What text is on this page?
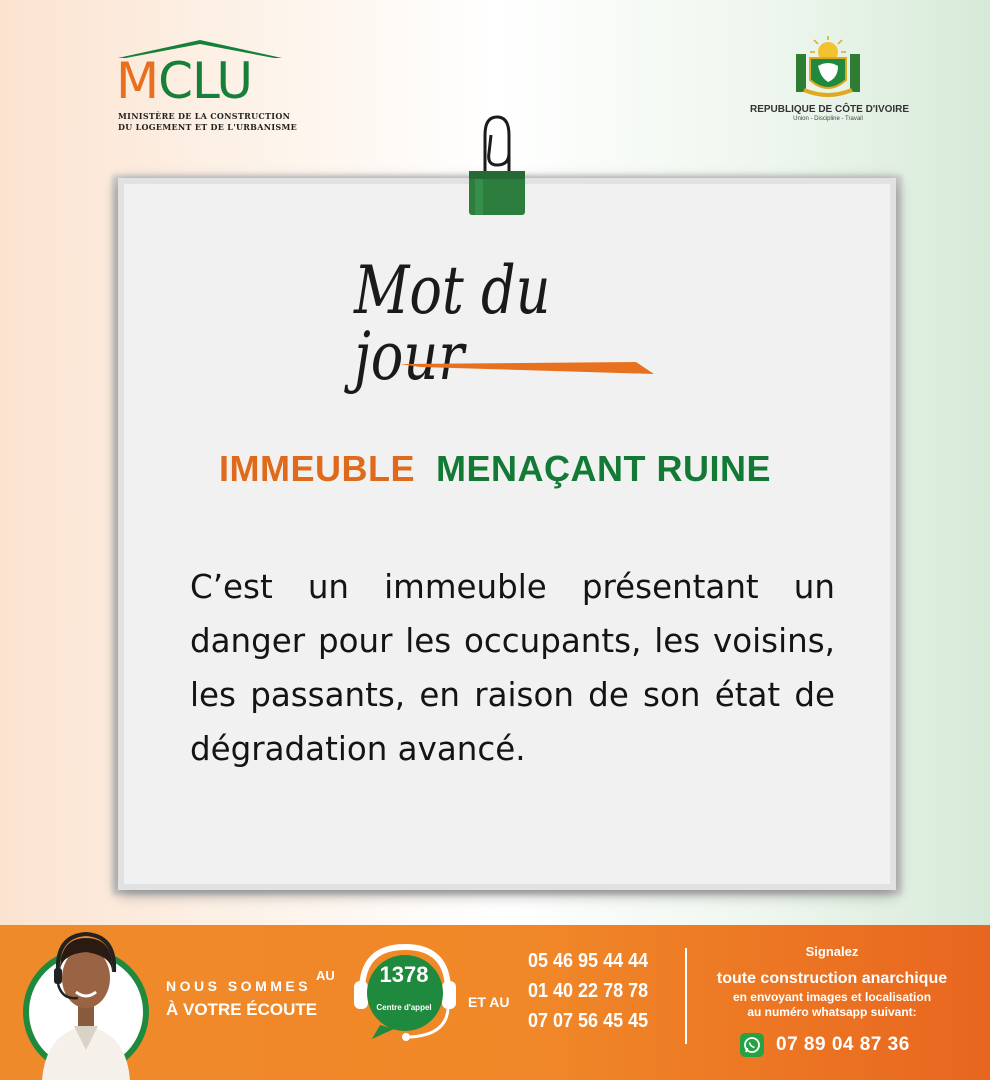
MCLU
MINISTÈRE DE LA CONSTRUCTION
DU LOGEMENT ET DE L'URBANISME
REPUBLIQUE DE CÔTE D'IVOIRE
Union - Discipline - Travail
Mot du jour
IMMEUBLE MENAÇANT RUINE
C’est un immeuble présentant un danger pour les occupants, les voisins, les passants, en raison de son état de dégradation avancé.
NOUS SOMMES
À VOTRE ÉCOUTE
AU	1378
Centre d'appel	ET AU
05 46 95 44 44
01 40 22 78 78
07 07 56 45 45
Signalez
toute construction anarchique
en envoyant images et localisation
au numéro whatsapp suivant:
07 89 04 87 36
